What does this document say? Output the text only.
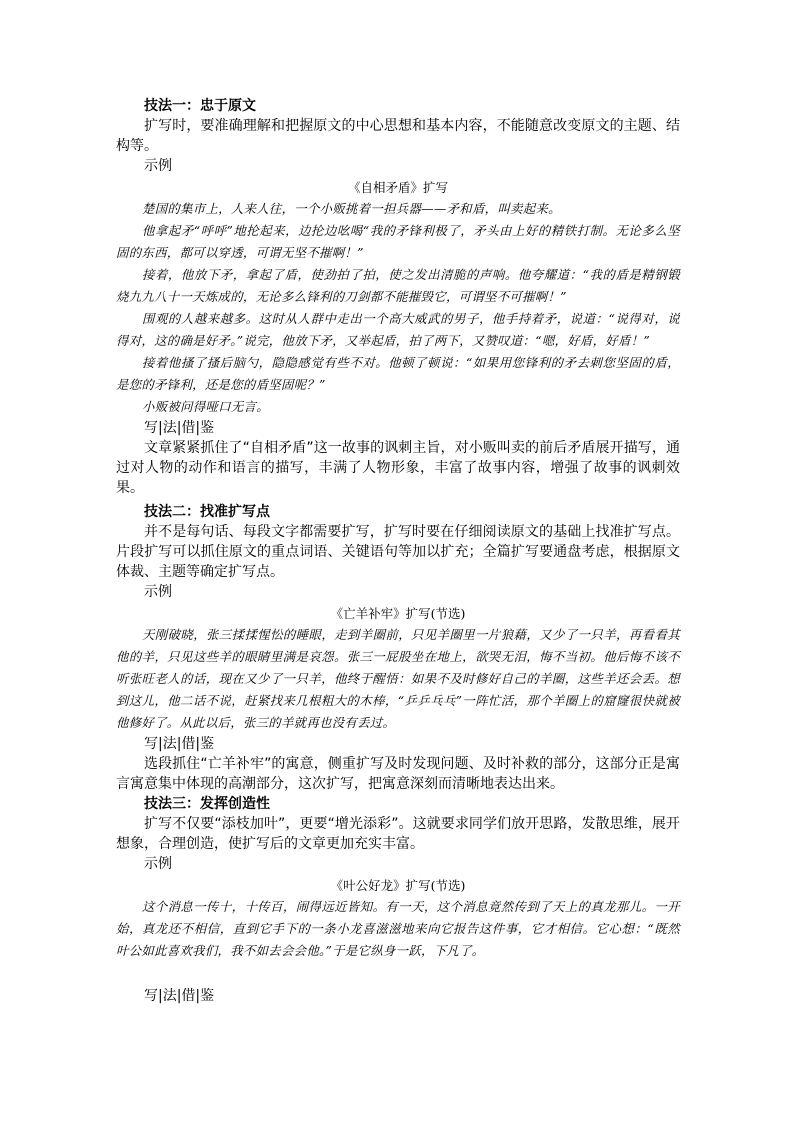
技法一：忠于原文

扩写时，要准确理解和把握原文的中心思想和基本内容，不能随意改变原文的主题、结构等。

示例

《自相矛盾》扩写

楚国的集市上，人来人往，一个小贩挑着一担兵器——矛和盾，叫卖起来。

他拿起矛“呼呼”地抡起来，边抡边吆喝“我的矛锋利极了，矛头由上好的精铁打制。无论多么坚固的东西，都可以穿透，可谓无坚不摧啊！”

接着，他放下矛，拿起了盾，使劲拍了拍，使之发出清脆的声响。他夸耀道：“我的盾是精钢锻烧九九八十一天炼成的，无论多么锋利的刀剑都不能摧毁它，可谓坚不可摧啊！”

围观的人越来越多。这时从人群中走出一个高大威武的男子，他手持着矛，说道：“说得对，说得对，这的确是好矛。”说完，他放下矛，又举起盾，拍了两下，又赞叹道：“嗯，好盾，好盾！”

接着他搔了搔后脑勺，隐隐感觉有些不对。他顿了顿说：“如果用您锋利的矛去刺您坚固的盾，是您的矛锋利，还是您的盾坚固呢？”

小贩被问得哑口无言。

写|法|借|鉴

文章紧紧抓住了“自相矛盾”这一故事的讽刺主旨，对小贩叫卖的前后矛盾展开描写，通过对人物的动作和语言的描写，丰满了人物形象，丰富了故事内容，增强了故事的讽刺效果。

技法二：找准扩写点

并不是每句话、每段文字都需要扩写，扩写时要在仔细阅读原文的基础上找准扩写点。片段扩写可以抓住原文的重点词语、关键语句等加以扩充；全篇扩写要通盘考虑，根据原文体裁、主题等确定扩写点。

示例

《亡羊补牢》扩写(节选)

天刚破晓，张三揉揉惺忪的睡眼，走到羊圈前，只见羊圈里一片狼藉，又少了一只羊，再看看其他的羊，只见这些羊的眼睛里满是哀怨。张三一屁股坐在地上，欲哭无泪，悔不当初。他后悔不该不听张旺老人的话，现在又少了一只羊，他终于醒悟：如果不及时修好自己的羊圈，这些羊还会丢。想到这儿，他二话不说，赶紧找来几根粗大的木棒，“乒乒乓乓”一阵忙活，那个羊圈上的窟窿很快就被他修好了。从此以后，张三的羊就再也没有丢过。

写|法|借|鉴

选段抓住“亡羊补牢”的寓意，侧重扩写及时发现问题、及时补救的部分，这部分正是寓言寓意集中体现的高潮部分，这次扩写，把寓意深刻而清晰地表达出来。

技法三：发挥创造性

扩写不仅要“添枝加叶”，更要“增光添彩”。这就要求同学们放开思路，发散思维，展开想象，合理创造，使扩写后的文章更加充实丰富。

示例

《叶公好龙》扩写(节选)

这个消息一传十，十传百，闹得远近皆知。有一天，这个消息竟然传到了天上的真龙那儿。一开始，真龙还不相信，直到它手下的一条小龙喜滋滋地来向它报告这件事，它才相信。它心想：“既然叶公如此喜欢我们，我不如去会会他。”于是它纵身一跃，下凡了。

写|法|借|鉴
